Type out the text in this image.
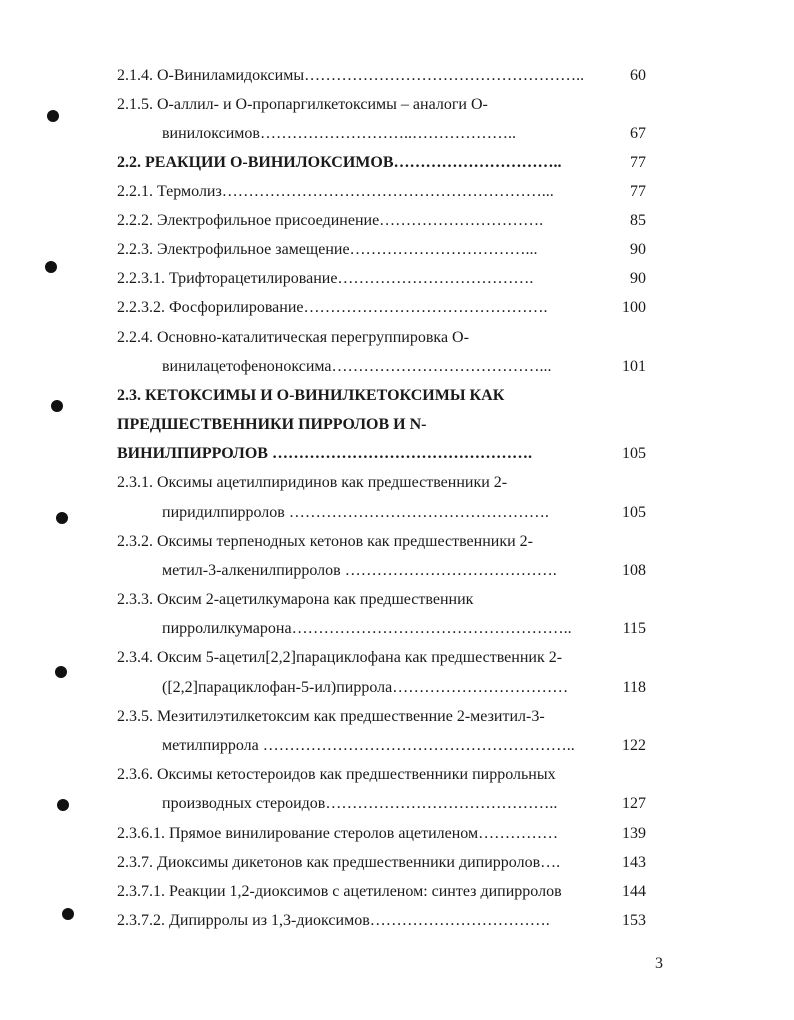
2.1.4. O-Виниламидоксимы……………………………………………..	60
2.1.5. O-аллил- и O-пропаргилкетоксимы – аналоги O-
винилоксимов………………………..………………..	67
2.2. РЕАКЦИИ O-ВИНИЛОКСИМОВ…………………………..	77
2.2.1. Термолиз……………………………………………………...	77
2.2.2. Электрофильное присоединение………………………….	85
2.2.3. Электрофильное замещение……………………………...	90
2.2.3.1. Трифторацетилирование……………………………….	90
2.2.3.2. Фосфорилирование……………………………………….	100
2.2.4. Основно-каталитическая перегруппировка O-
винилацетофеноноксима…………………………………...	101
2.3. КЕТОКСИМЫ И O-ВИНИЛКЕТОКСИМЫ КАК
ПРЕДШЕСТВЕННИКИ ПИРРОЛОВ И N-
ВИНИЛПИРРОЛОВ ………………………………………….	105
2.3.1. Оксимы ацетилпиридинов как предшественники 2-
пиридилпирролов ………………………………………….	105
2.3.2. Оксимы терпенодных кетонов как предшественники 2-
метил-3-алкенилпирролов ………………………………….	108
2.3.3. Оксим 2-ацетилкумарона как предшественник
пирролилкумарона……………………………………………..	115
2.3.4. Оксим 5-ацетил[2,2]парациклофана как предшественник 2-
([2,2]парациклофан-5-ил)пиррола……………………………	118
2.3.5. Мезитилэтилкетоксим как предшественние 2-мезитил-3-
метилпиррола …………………………………………………..	122
2.3.6. Оксимы кетостероидов как предшественники пиррольных
производных стероидов……………………………………..	127
2.3.6.1. Прямое винилирование стеролов ацетиленом……………	139
2.3.7. Диоксимы дикетонов как предшественники дипирролов….	143
2.3.7.1. Реакции 1,2-диоксимов с ацетиленом: синтез дипирролов	144
2.3.7.2. Дипирролы из 1,3-диоксимов…………………………….	153
3
